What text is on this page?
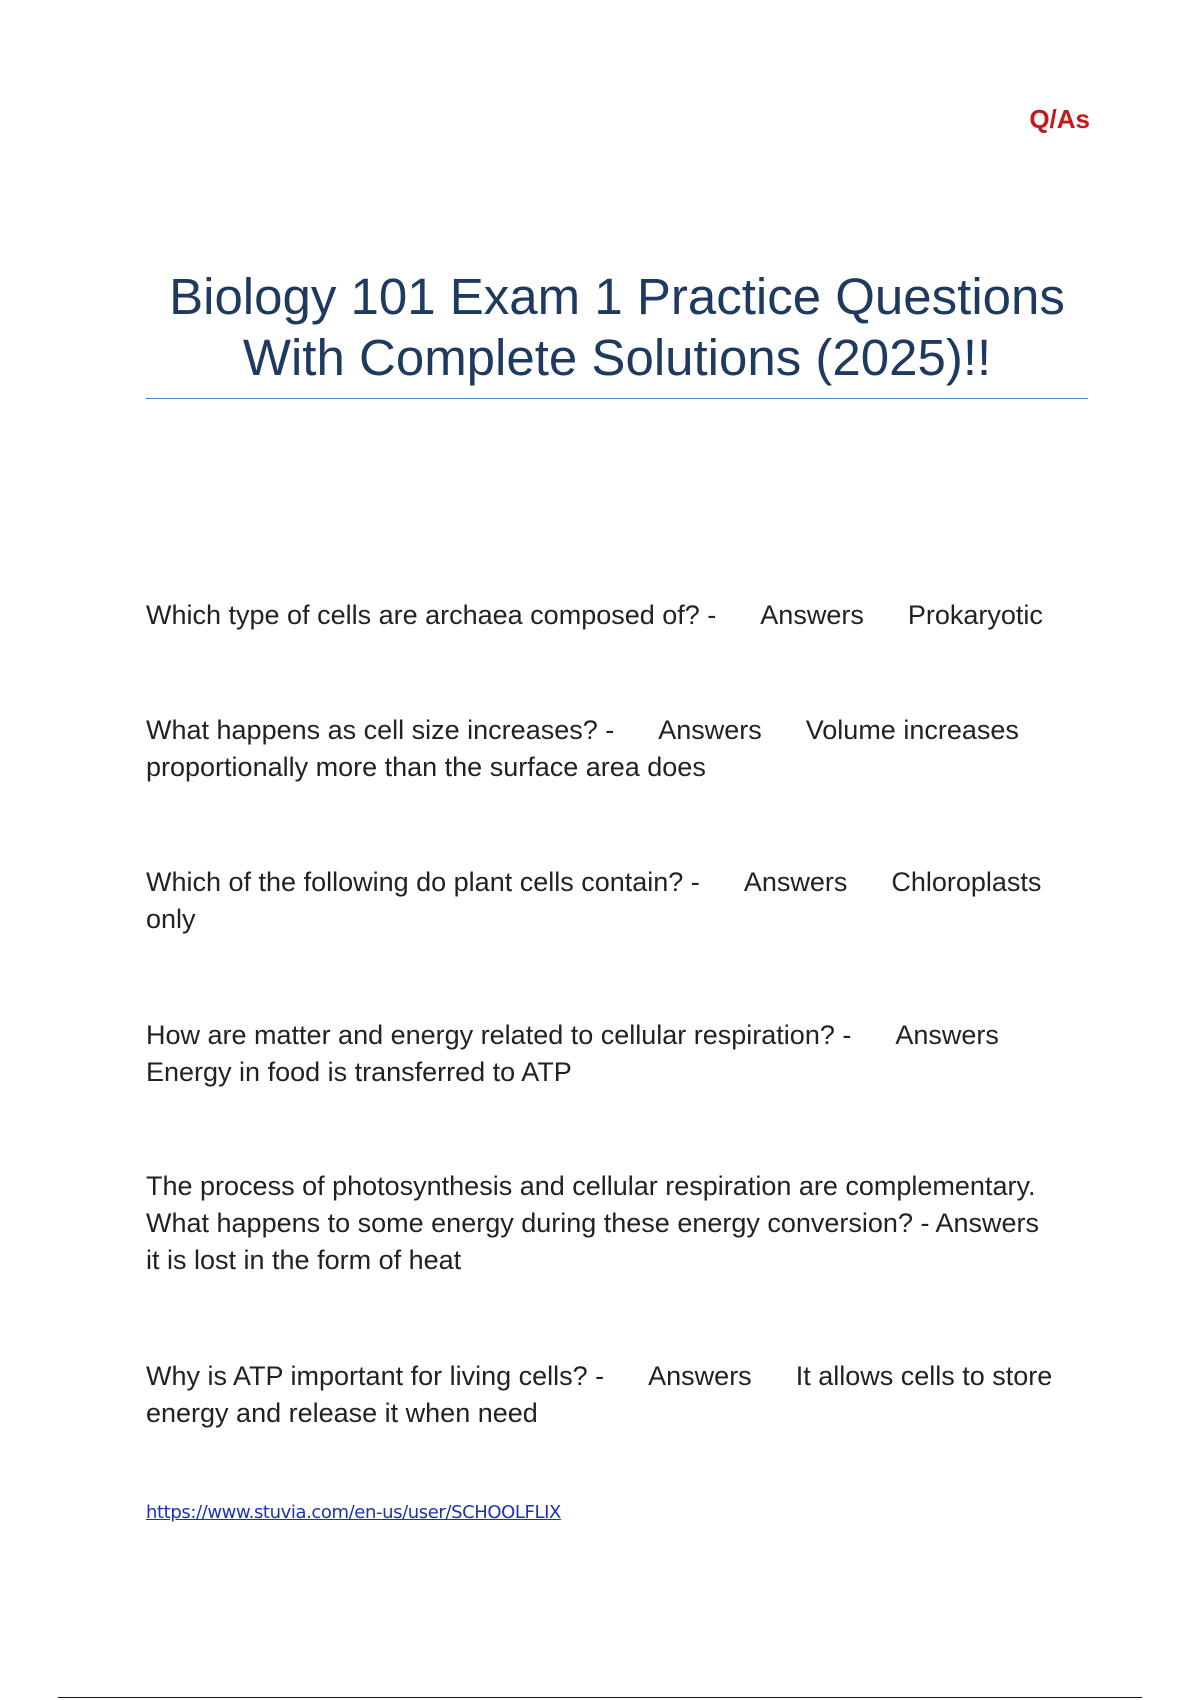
Q/As
Biology 101 Exam 1 Practice Questions
With Complete Solutions (2025)!!
Which type of cells are archaea composed of? - Answers Prokaryotic
What happens as cell size increases? - Answers Volume increases proportionally more than the surface area does
Which of the following do plant cells contain? - Answers Chloroplasts only
How are matter and energy related to cellular respiration? - AnswersEnergy in food is transferred to ATP
The process of photosynthesis and cellular respiration are complementary. What happens to some energy during these energy conversion? - Answersit is lost in the form of heat
Why is ATP important for living cells? - Answers It allows cells to store energy and release it when need
https://www.stuvia.com/en-us/user/SCHOOLFLIX
